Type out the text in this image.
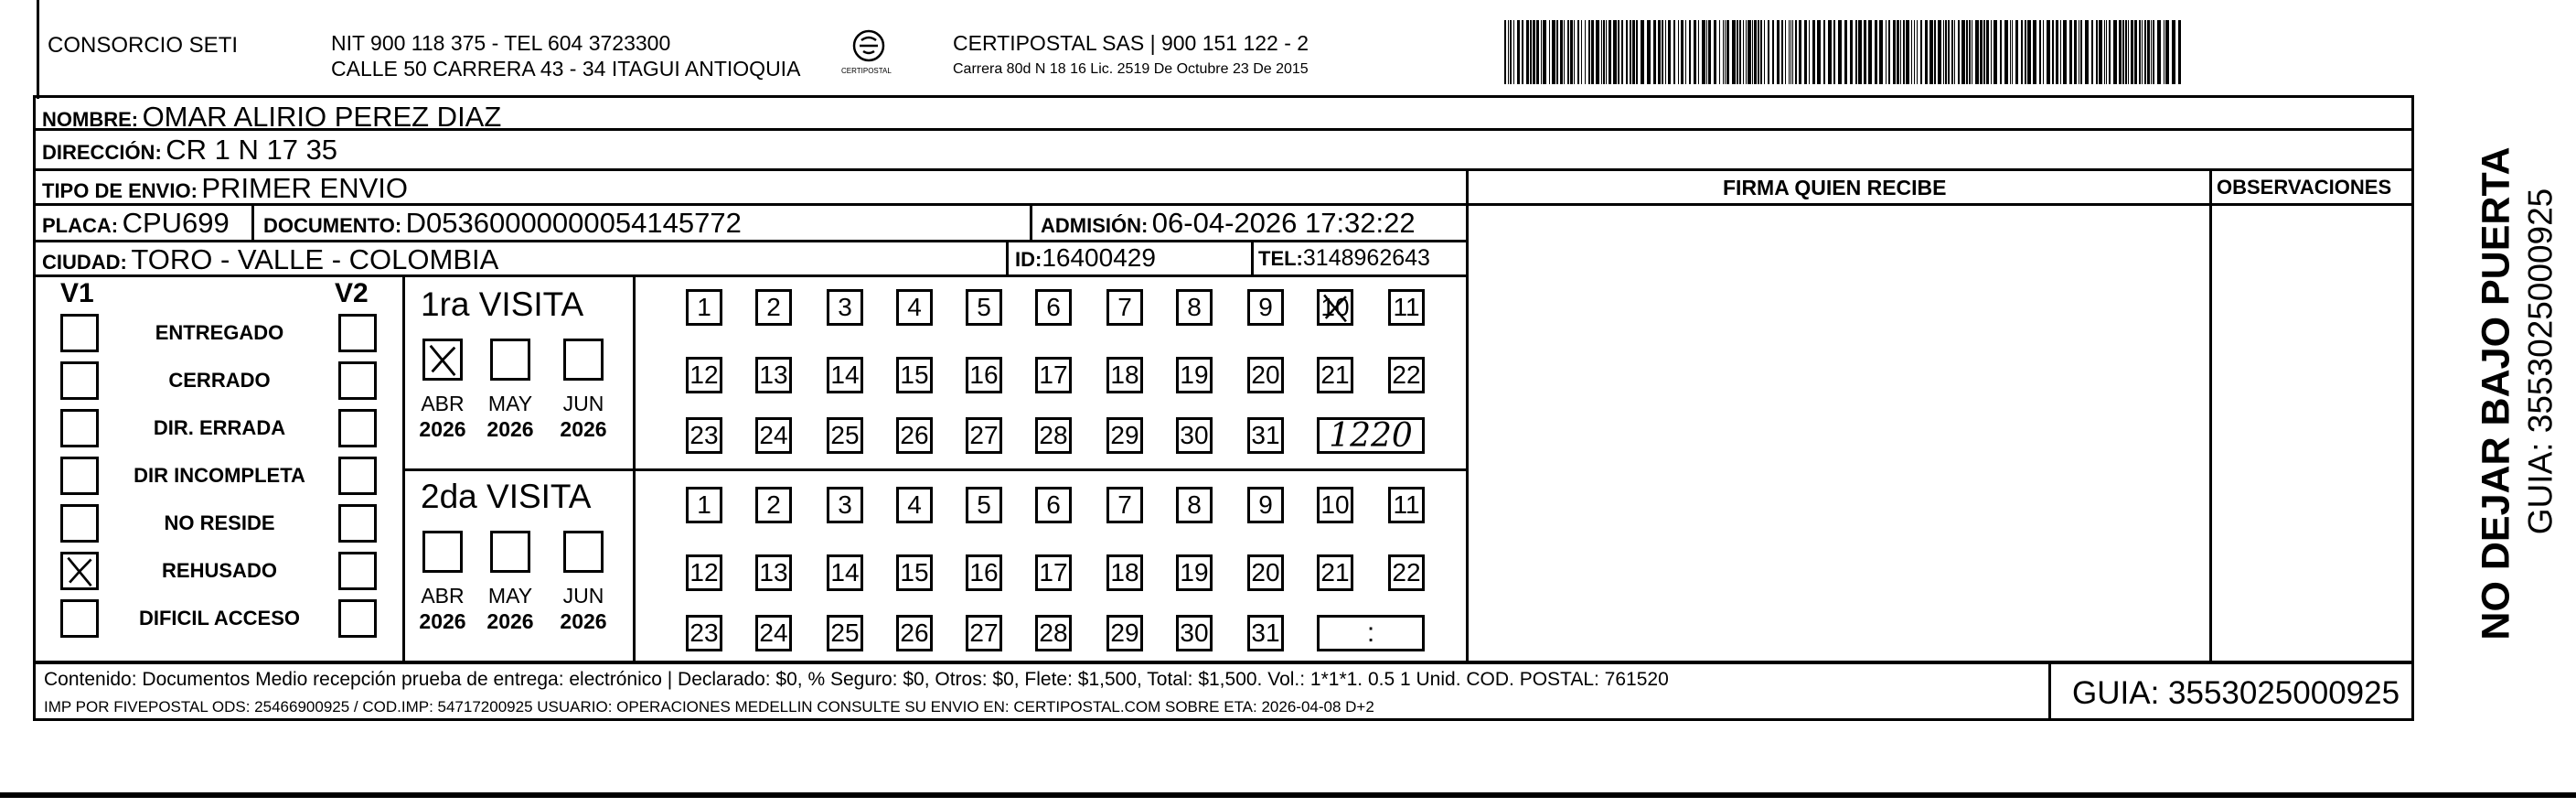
CONSORCIO SETI	NIT 900 118 375 - TEL 604 3723300
CALLE 50 CARRERA 43 - 34 ITAGUI ANTIOQUIA	CERTIPOSTAL
CERTIPOSTAL SAS | 900 151 122 - 2
Carrera 80d N 18 16 Lic. 2519 De Octubre 23 De 2015
NOMBRE: OMAR ALIRIO PEREZ DIAZ
DIRECCIÓN: CR 1 N 17 35
TIPO DE ENVIO: PRIMER ENVIO	FIRMA QUIEN RECIBE	OBSERVACIONES
PLACA: CPU699 DOCUMENTO: D05360000000054145772	ADMISIÓN: 06-04-2026 17:32:22
CIUDAD: TORO - VALLE - COLOMBIA	ID:16400429	TEL:3148962643
V1	V2 1ra VISITA
2da VISITA
Contenido: Documentos Medio recepción prueba de entrega: electrónico | Declarado: $0, % Seguro: $0, Otros: $0, Flete: $1,500, Total: $1,500. Vol.: 1*1*1. 0.5 1 Unid. COD. POSTAL: 761520
IMP POR FIVEPOSTAL ODS: 25466900925 / COD.IMP: 54717200925 USUARIO: OPERACIONES MEDELLIN CONSULTE SU ENVIO EN: CERTIPOSTAL.COM SOBRE ETA: 2026-04-08 D+2	GUIA: 3553025000925
NO DEJAR BAJO PUERTA GUIA: 3553025000925
ENTREGADO
CERRADO
DIR. ERRADA
DIR INCOMPLETA
NO RESIDE
REHUSADO
DIFICIL ACCESO
ABR
2026
MAY
2026
JUN
2026
ABR
2026
MAY
2026
JUN
2026
1	2	3	4	5	6	7	8	9	10 11
12 13 14 15 16 17 18 19 20 21 22
23 24 25 26 27 28 29 30 31	1220
1	2	3	4	5	6	7	8	9	10 11
12 13 14 15 16 17 18 19 20 21 22
23 24 25 26 27 28 29 30 31	:
